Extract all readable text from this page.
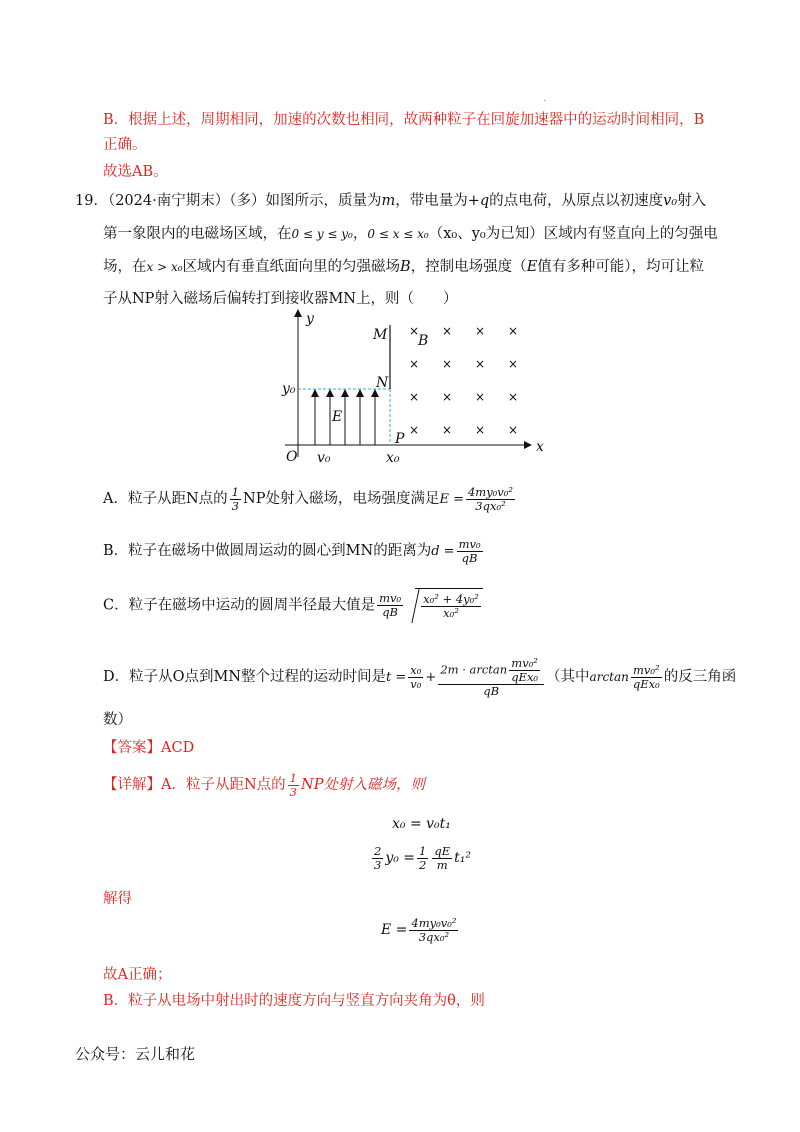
·
B．根据上述，周期相同，加速的次数也相同，故两种粒子在回旋加速器中的运动时间相同，B
正确。
故选AB。
19．（2024·南宁期末）（多）如图所示，质量为m，带电量为+q的点电荷，从原点以初速度v₀射入
第一象限内的电磁场区域，在0 ≤ y ≤ y₀，0 ≤ x ≤ x₀（x₀、y₀为已知）区域内有竖直向上的匀强电
场，在x > x₀区域内有垂直纸面向里的匀强磁场B，控制电场强度（E值有多种可能），均可让粒
子从NP射入磁场后偏转打到接收器MN上，则（　　）
× × × ×
× × × ×
× × × ×
× × × ×
y
x
O
M
N
P
B
E
y₀
v₀	x₀
A．粒子从距N点的 $\frac{1}{3}$ NP处射入磁场，电场强度满足$E = \frac{\text{4my₀v₀²}}{\text{3qx₀²}}$
B．粒子在磁场中做圆周运动的圆心到MN的距离为$d = \frac{\text{mv₀}}{qB}$
C．粒子在磁场中运动的圆周半径最大值是 $\frac{\text{mv₀}}{qB} \frac{\text{x₀² + 4y₀²}}{\text{x₀²}}$
D．粒子从O点到MN整个过程的运动时间是$t = \frac{\text{x₀}}{\text{v₀}} + \frac{2m \cdot \arctan \frac{\text{mv₀²}}{\text{qEx₀}}}{qB}$ （其中$\arctan \frac{\text{mv₀²}}{\text{qEx₀}}$ 的反三角函
数）
【答案】ACD
【详解】A．粒子从距N点的 $\frac{1}{3}$ NP处射入磁场，则
x₀ = v₀t₁
$\frac{2}{3} y_0 = \frac{1}{2} \frac{qE}{m} t_1^2$
解得
$E = \frac{\text{4my₀v₀²}}{\text{3qx₀²}}$
故A正确；
B．粒子从电场中射出时的速度方向与竖直方向夹角为θ，则
公众号：云儿和花
